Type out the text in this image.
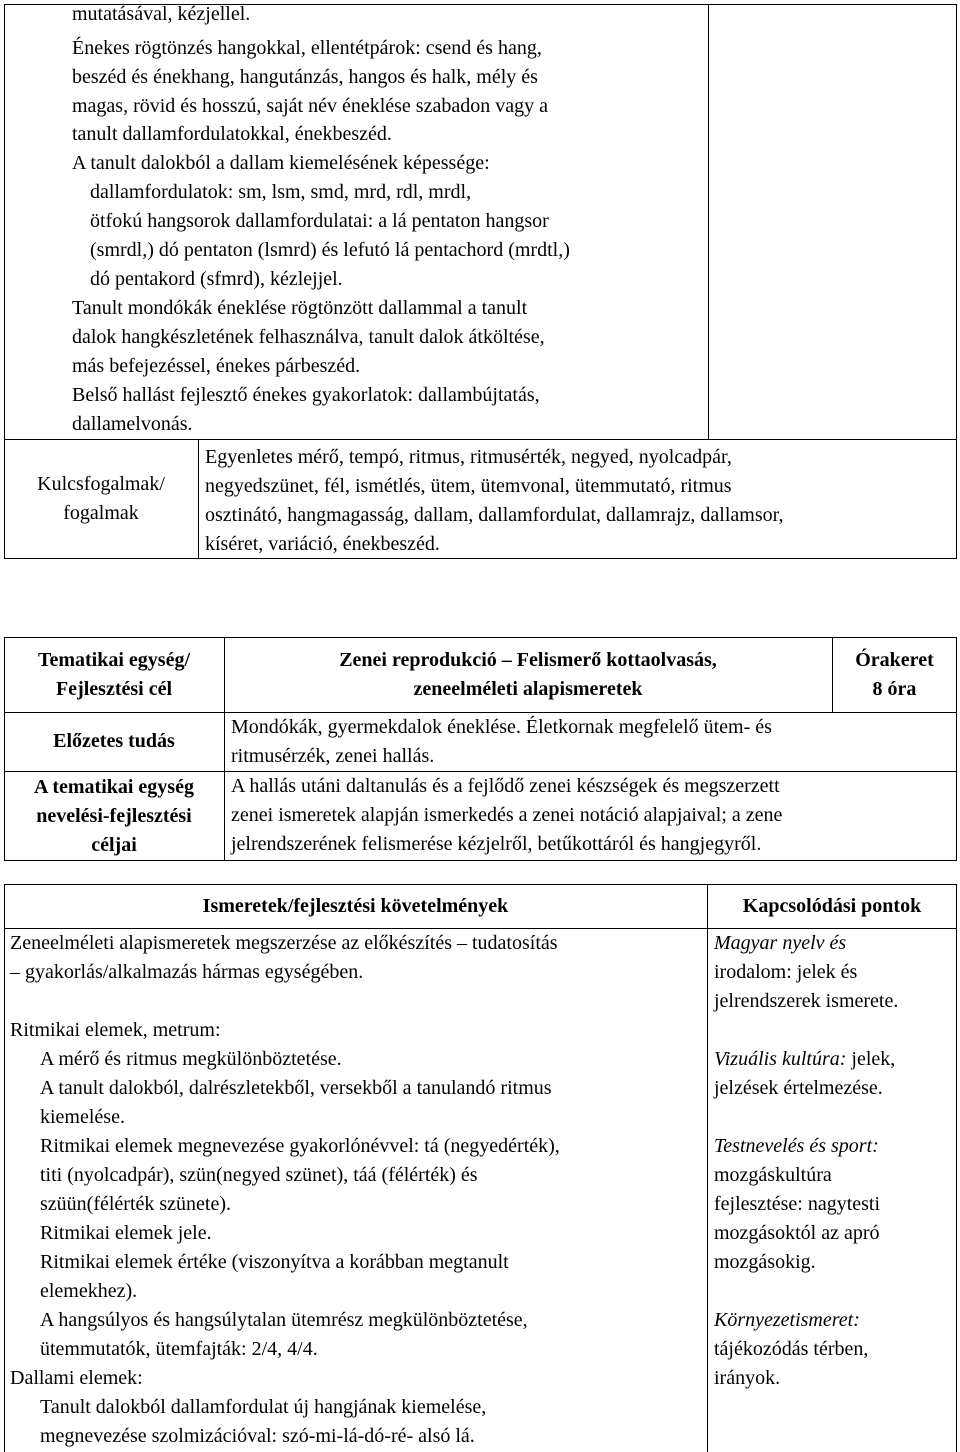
mutatásával, kézjellel.
Énekes rögtönzés hangokkal, ellentétpárok: csend és hang,
beszéd és énekhang, hangutánzás, hangos és halk, mély és
magas, rövid és hosszú, saját név éneklése szabadon vagy a
tanult dallamfordulatokkal, énekbeszéd.
A tanult dalokból a dallam kiemelésének képessége:
dallamfordulatok: sm, lsm, smd, mrd, rdl, mrdl,
ötfokú hangsorok dallamfordulatai: a lá pentaton hangsor
(smrdl,) dó pentaton (lsmrd) és lefutó lá pentachord (mrdtl,)
dó pentakord (sfmrd), kézlejjel.
Tanult mondókák éneklése rögtönzött dallammal a tanult
dalok hangkészletének felhasználva, tanult dalok átköltése,
más befejezéssel, énekes párbeszéd.
Belső hallást fejlesztő énekes gyakorlatok: dallambújtatás,
dallamelvonás.
Kulcsfogalmak/
fogalmak
Egyenletes mérő, tempó, ritmus, ritmusérték, negyed, nyolcadpár,
negyedszünet, fél, ismétlés, ütem, ütemvonal, ütemmutató, ritmus
osztinátó, hangmagasság, dallam, dallamfordulat, dallamrajz, dallamsor,
kíséret, variáció, énekbeszéd.
Tematikai egység/
Fejlesztési cél
Zenei reprodukció – Felismerő kottaolvasás,
zeneelméleti alapismeretek
Órakeret
8 óra
Előzetes tudás
Mondókák, gyermekdalok éneklése. Életkornak megfelelő ütem- és
ritmusérzék, zenei hallás.
A tematikai egység
nevelési-fejlesztési
céljai
A hallás utáni daltanulás és a fejlődő zenei készségek és megszerzett
zenei ismeretek alapján ismerkedés a zenei notáció alapjaival; a zene
jelrendszerének felismerése kézjelről, betűkottáról és hangjegyről.
Ismeretek/fejlesztési követelmények	Kapcsolódási pontok
Zeneelméleti alapismeretek megszerzése az előkészítés – tudatosítás
– gyakorlás/alkalmazás hármas egységében.
Ritmikai elemek, metrum:
A mérő és ritmus megkülönböztetése.
A tanult dalokból, dalrészletekből, versekből a tanulandó ritmus
kiemelése.
Ritmikai elemek megnevezése gyakorlónévvel: tá (negyedérték),
titi (nyolcadpár), szün(negyed szünet), táá (félérték) és
szüün(félérték szünete).
Ritmikai elemek jele.
Ritmikai elemek értéke (viszonyítva a korábban megtanult
elemekhez).
A hangsúlyos és hangsúlytalan ütemrész megkülönböztetése,
ütemmutatók, ütemfajták: 2/4, 4/4.
Dallami elemek:
Tanult dalokból dallamfordulat új hangjának kiemelése,
megnevezése szolmizációval: szó-mi-lá-dó-ré- alsó lá.
Magyar nyelv és
irodalom: jelek és
jelrendszerek ismerete.
Vizuális kultúra: jelek,
jelzések értelmezése.
Testnevelés és sport:
mozgáskultúra
fejlesztése: nagytesti
mozgásoktól az apró
mozgásokig.
Környezetismeret:
tájékozódás térben,
irányok.
